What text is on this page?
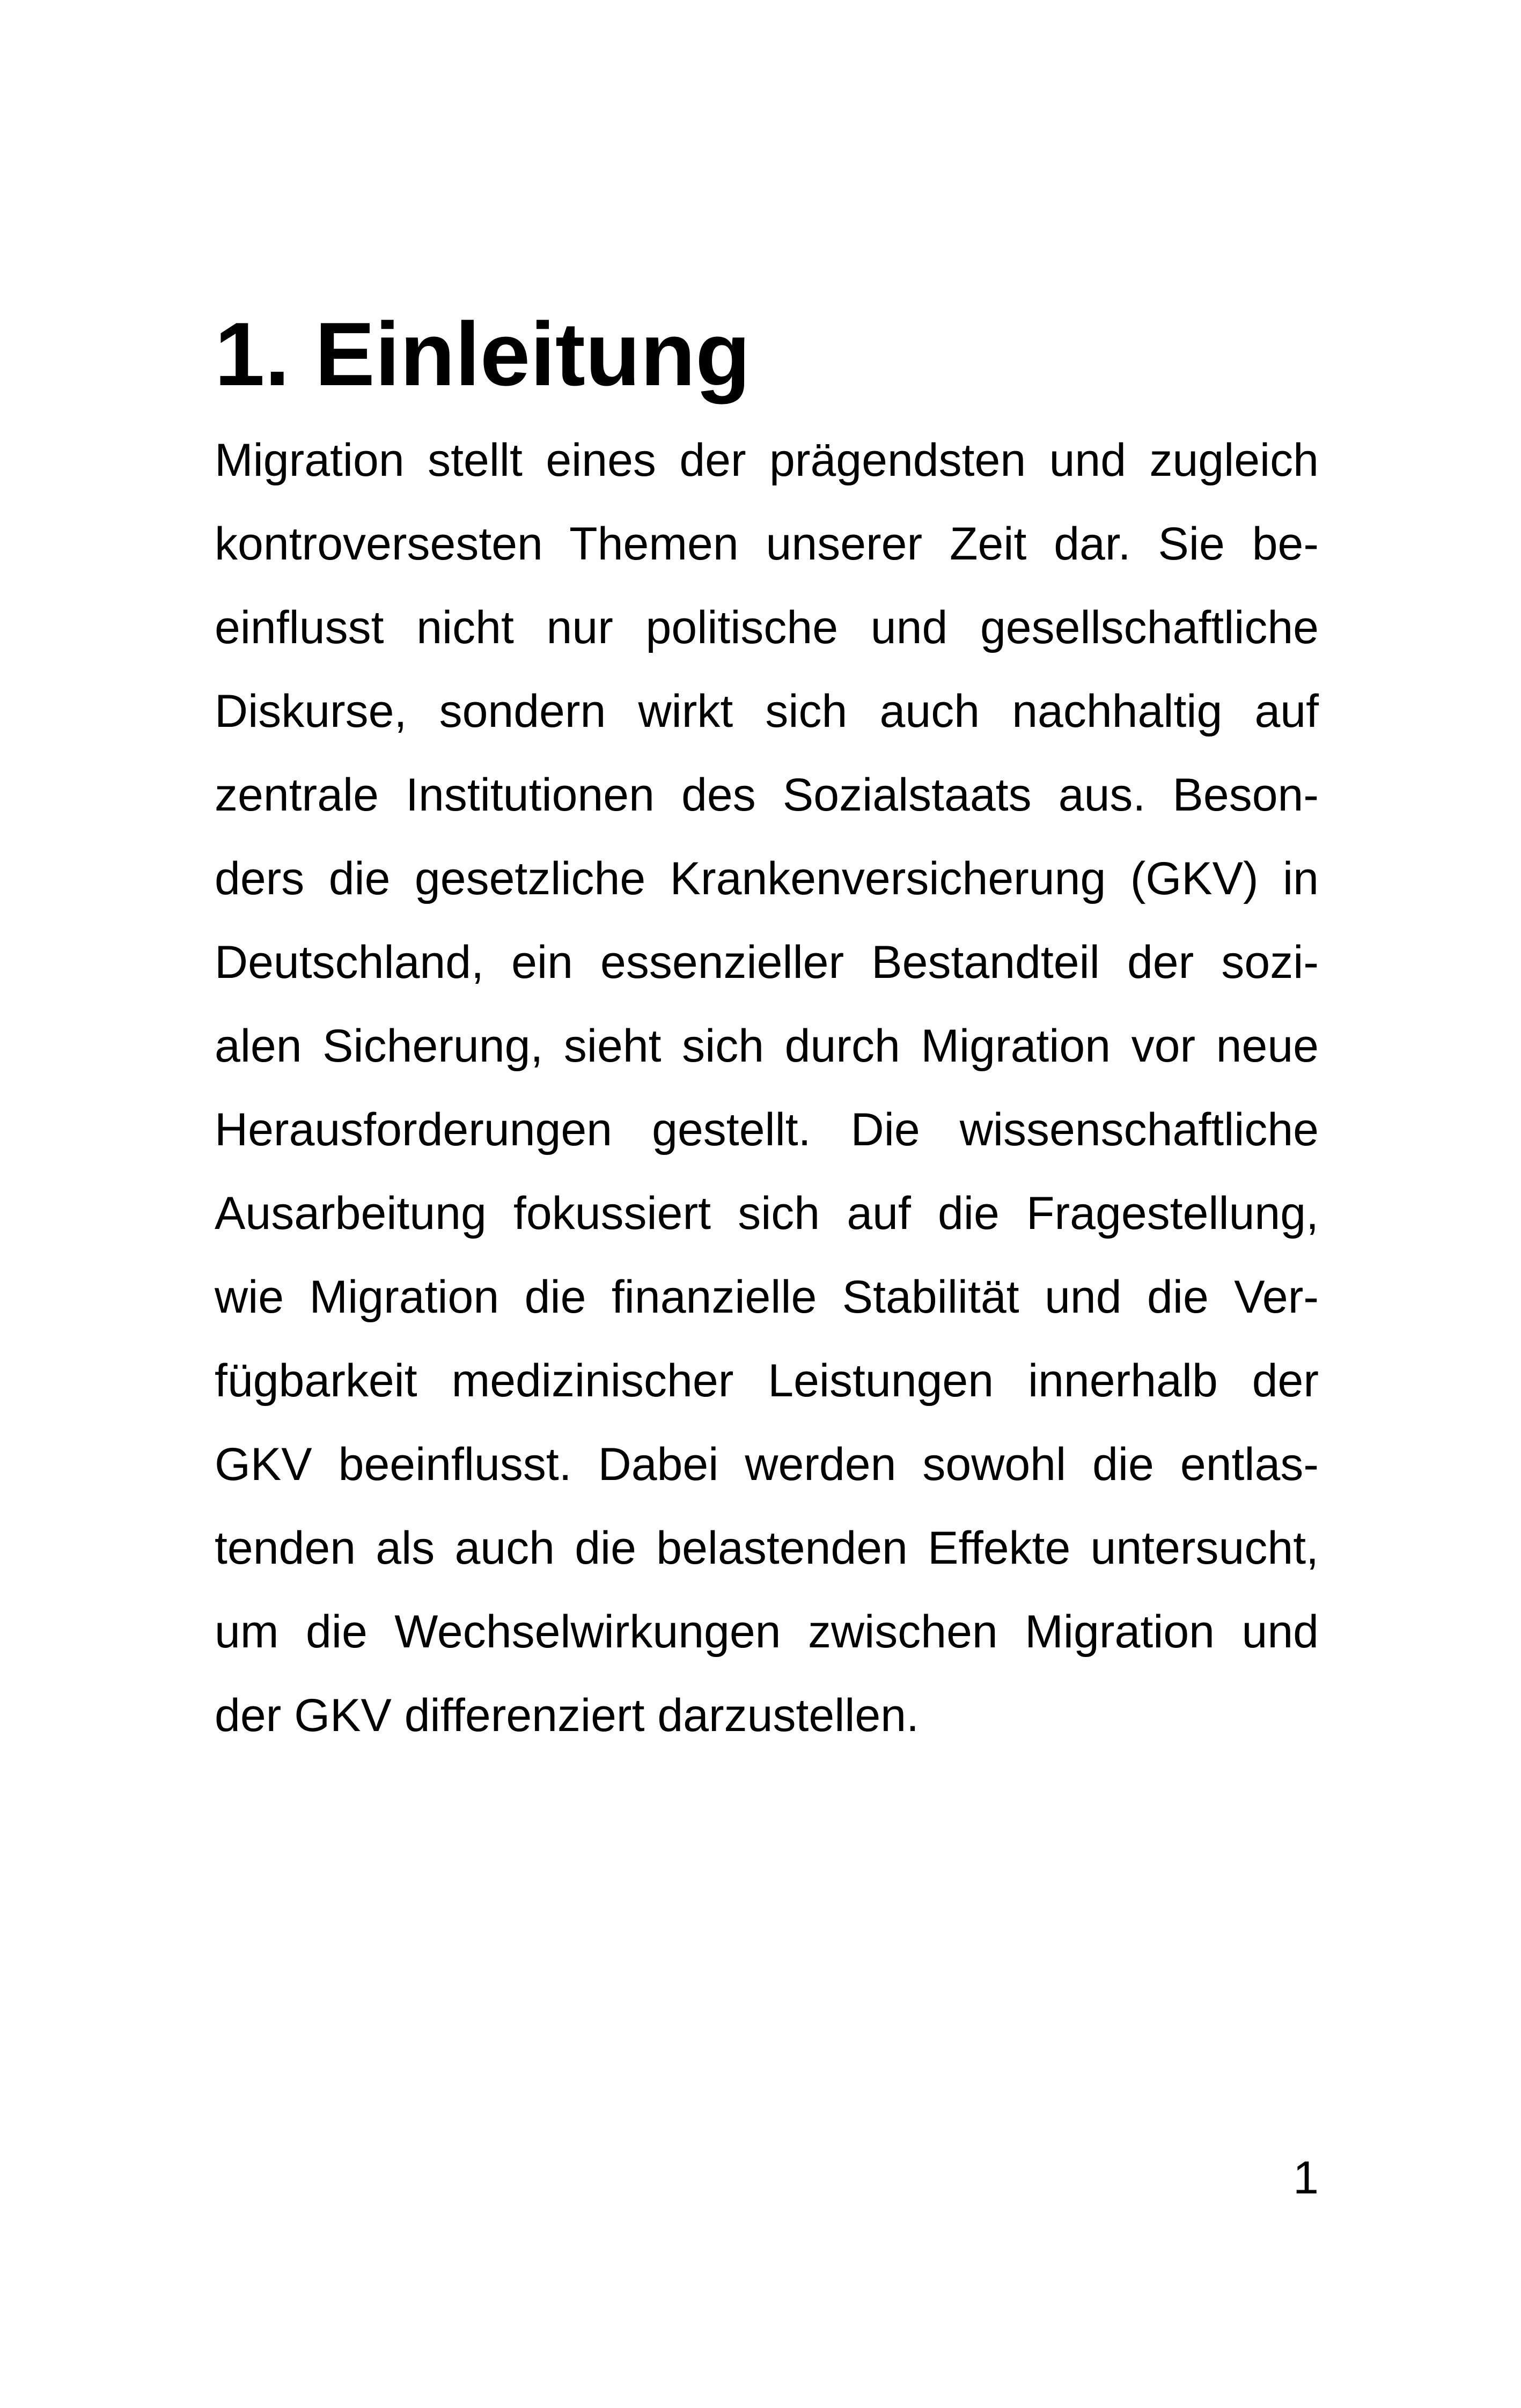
1. Einleitung

Migration stellt eines der prägendsten und zugleich
kontroversesten Themen unserer Zeit dar. Sie be-
einflusst nicht nur politische und gesellschaftliche
Diskurse, sondern wirkt sich auch nachhaltig auf
zentrale Institutionen des Sozialstaats aus. Beson-
ders die gesetzliche Krankenversicherung (GKV) in
Deutschland, ein essenzieller Bestandteil der sozi-
alen Sicherung, sieht sich durch Migration vor neue
Herausforderungen gestellt. Die wissenschaftliche
Ausarbeitung fokussiert sich auf die Fragestellung,
wie Migration die finanzielle Stabilität und die Ver-
fügbarkeit medizinischer Leistungen innerhalb der
GKV beeinflusst. Dabei werden sowohl die entlas-
tenden als auch die belastenden Effekte untersucht,
um die Wechselwirkungen zwischen Migration und
der GKV differenziert darzustellen.

1
